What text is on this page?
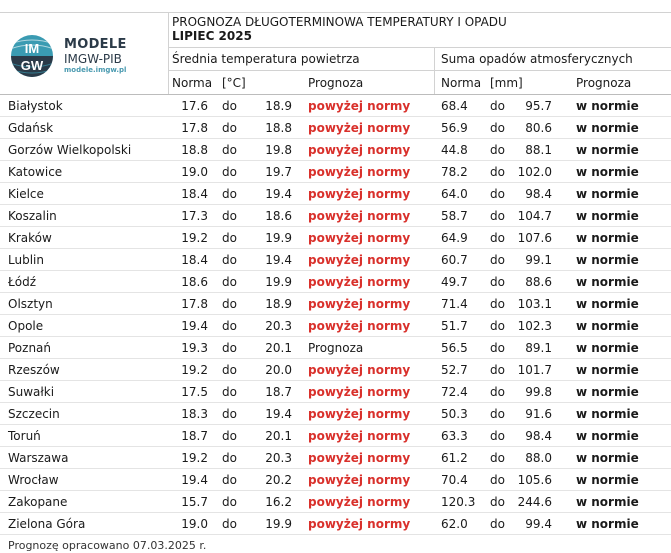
IM
GW
MODELE
IMGW-PIB
modele.imgw.pl
PROGNOZA DŁUGOTERMINOWA TEMPERATURY I OPADU
LIPIEC 2025
Średnia temperatura powietrza	Suma opadów atmosferycznych
Norma [°C]	Prognoza	Norma [mm]	Prognoza
Białystok	17.6 do 18.9 powyżej normy	68.4 do	95.7 w normie
Gdańsk	17.8 do 18.8 powyżej normy	56.9 do	80.6 w normie
Gorzów Wielkopolski	18.8 do 19.8 powyżej normy	44.8 do	88.1 w normie
Katowice	19.0 do 19.7 powyżej normy	78.2 do 102.0 w normie
Kielce	18.4 do 19.4 powyżej normy	64.0 do	98.4 w normie
Koszalin	17.3 do 18.6 powyżej normy	58.7 do 104.7 w normie
Kraków	19.2 do 19.9 powyżej normy	64.9 do 107.6 w normie
Lublin	18.4 do 19.4 powyżej normy	60.7 do	99.1 w normie
Łódź	18.6 do 19.9 powyżej normy	49.7 do	88.6 w normie
Olsztyn	17.8 do 18.9 powyżej normy	71.4 do 103.1 w normie
Opole	19.4 do 20.3 powyżej normy	51.7 do 102.3 w normie
Poznań	19.3 do 20.1 Prognoza	56.5 do	89.1 w normie
Rzeszów	19.2 do 20.0 powyżej normy	52.7 do 101.7 w normie
Suwałki	17.5 do 18.7 powyżej normy	72.4 do	99.8 w normie
Szczecin	18.3 do 19.4 powyżej normy	50.3 do	91.6 w normie
Toruń	18.7 do 20.1 powyżej normy	63.3 do	98.4 w normie
Warszawa	19.2 do 20.3 powyżej normy	61.2 do	88.0 w normie
Wrocław	19.4 do 20.2 powyżej normy	70.4 do 105.6 w normie
Zakopane	15.7 do 16.2 powyżej normy	120.3 do 244.6 w normie
Zielona Góra	19.0 do 19.9 powyżej normy	62.0 do	99.4 w normie
Prognozę opracowano 07.03.2025 r.
